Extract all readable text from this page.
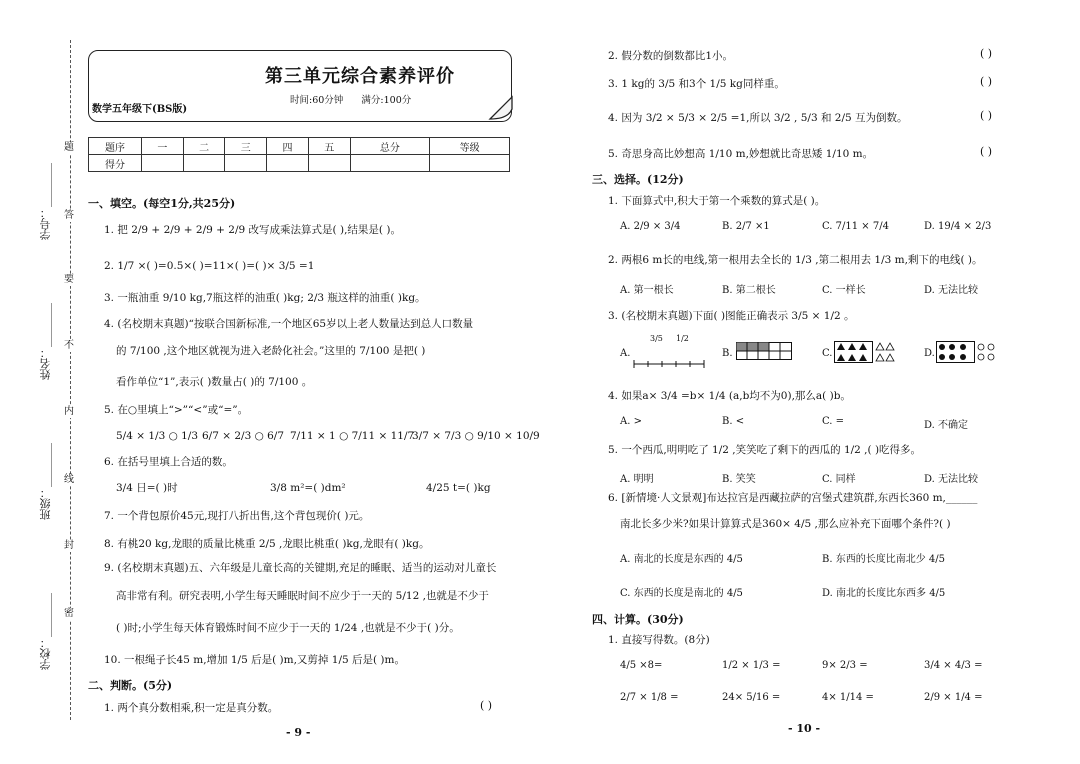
题
答
要
不
内
线
封
密
学号：________
姓名：________
班级：________
学校：________
第三单元综合素养评价
时间:60分钟 满分:100分
数学五年级下(BS版)
题序	一	二	三	四	五	总分	等级
得分							
一、填空。(每空1分,共25分)
1. 把 2/9 + 2/9 + 2/9 + 2/9 改写成乘法算式是( ),结果是( )。
2. 1/7 ×( )=0.5×( )=11×( )=( )× 3/5 =1
3. 一瓶油重 9/10 kg,7瓶这样的油重( )kg; 2/3 瓶这样的油重( )kg。
4. (名校期末真题)“按联合国新标准,一个地区65岁以上老人数量达到总人口数量
的 7/100 ,这个地区就视为进入老龄化社会。”这里的 7/100 是把( )
看作单位“1”,表示( )数量占( )的 7/100 。
5. 在○里填上“>”“<”或“=”。
5/4 × 1/3 ○ 1/3 6/7 × 2/3 ○ 6/7 7/11 × 1 ○ 7/11 × 11/7
3/7 × 7/3 ○ 9/10 × 10/9
6. 在括号里填上合适的数。
3/4 日=( )时	3/8 m²=( )dm²	4/25 t=( )kg
7. 一个背包原价45元,现打八折出售,这个背包现价( )元。
8. 有桃20 kg,龙眼的质量比桃重 2/5 ,龙眼比桃重( )kg,龙眼有( )kg。
9. (名校期末真题)五、六年级是儿童长高的关键期,充足的睡眠、适当的运动对儿童长
高非常有利。研究表明,小学生每天睡眠时间不应少于一天的 5/12 ,也就是不少于
( )时;小学生每天体育锻炼时间不应少于一天的 1/24 ,也就是不少于( )分。
10. 一根绳子长45 m,增加 1/5 后是( )m,又剪掉 1/5 后是( )m。
二、判断。(5分)
1. 两个真分数相乘,积一定是真分数。	( )
- 9 -
2. 假分数的倒数都比1小。	( )
3. 1 kg的 3/5 和3个 1/5 kg同样重。	( )
4. 因为 3/2 × 5/3 × 2/5 =1,所以 3/2 , 5/3 和 2/5 互为倒数。	( )
5. 奇思身高比妙想高 1/10 m,妙想就比奇思矮 1/10 m。	( )
三、选择。(12分)
1. 下面算式中,积大于第一个乘数的算式是( )。
A. 2/9 × 3/4	B. 2/7 ×1	C. 7/11 × 7/4	D. 19/4 × 2/3
2. 两根6 m长的电线,第一根用去全长的 1/3 ,第二根用去 1/3 m,剩下的电线( )。
A. 第一根长	B. 第二根长	C. 一样长	D. 无法比较
3. (名校期末真题)下面( )图能正确表示 3/5 × 1/2 。
A.
3/5 1/2
B.	C.	D.
4. 如果a× 3/4 =b× 1/4 (a,b均不为0),那么a( )b。
A. >	B. <	C. =	D. 不确定
5. 一个西瓜,明明吃了 1/2 ,笑笑吃了剩下的西瓜的 1/2 ,( )吃得多。
A. 明明	B. 笑笑	C. 同样	D. 无法比较
6. [新情境·人文景观]布达拉宫是西藏拉萨的宫堡式建筑群,东西长360 m,______
南北长多少米?如果计算算式是360× 4/5 ,那么应补充下面哪个条件?( )
A. 南北的长度是东西的 4/5	B. 东西的长度比南北少 4/5
C. 东西的长度是南北的 4/5	D. 南北的长度比东西多 4/5
四、计算。(30分)
1. 直接写得数。(8分)
4/5 ×8=	1/2 × 1/3 =	9× 2/3 =	3/4 × 4/3 =
2/7 × 1/8 =	24× 5/16 =	4× 1/14 =	2/9 × 1/4 =
- 10 -
